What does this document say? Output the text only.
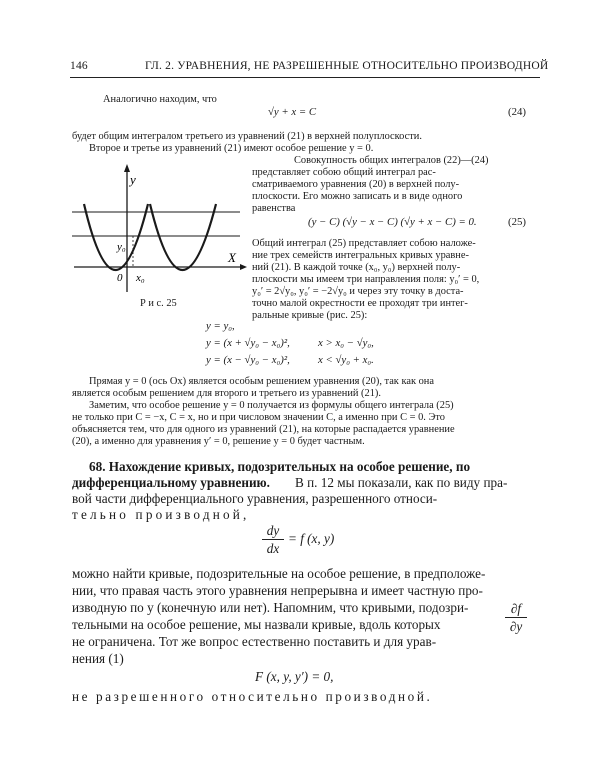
146	ГЛ. 2. УРАВНЕНИЯ, НЕ РАЗРЕШЕННЫЕ ОТНОСИТЕЛЬНО ПРОИЗВОДНОЙ
Аналогично находим, что
√y + x = C	(24)
будет общим интегралом третьего из уравнений (21) в верхней полуплоскости.
Второе и третье из уравнений (21) имеют особое решение y = 0.
y
X
y₀
x₀
0
Р и с. 25
Совокупность общих интегралов (22)—(24)
представляет собою общий интеграл рас-
сматриваемого уравнения (20) в верхней полу-
плоскости. Его можно записать и в виде одного
равенства
(y − C) (√y − x − C) (√y + x − C) = 0.	(25)
Общий интеграл (25) представляет собою наложе-
ние трех семейств интегральных кривых уравне-
ний (21). В каждой точке (x₀, y₀) верхней полу-
плоскости мы имеем три направления поля: y₀′ = 0,
y₀′ = 2√y₀, y₀′ = −2√y₀ и через эту точку в доста-
точно малой окрестности ее проходят три интег-
ральные кривые (рис. 25):
y = y₀,
y = (x + √y₀ − x₀)²,	x > x₀ − √y₀,
y = (x − √y₀ − x₀)²,	x < √y₀ + x₀.
Прямая y = 0 (ось Ox) является особым решением уравнения (20), так как она
является особым решением для второго и третьего из уравнений (21).
Заметим, что особое решение y = 0 получается из формулы общего интеграла (25)
не только при C = −x, C = x, но и при числовом значении C, а именно при C = 0. Это
объясняется тем, что для одного из уравнений (21), на которые распадается уравнение
(20), а именно для уравнения y′ = 0, решение y = 0 будет частным.
68. Нахождение кривых, подозрительных на особое решение, по
дифференциальному уравнению. В п. 12 мы показали, как по виду пра-
вой части дифференциального уравнения, разрешенного относи-
тельно производной,
dy
dx
= f (x, y)
можно найти кривые, подозрительные на особое решение, в предположе-
нии, что правая часть этого уравнения непрерывна и имеет частную про-
изводную по y (конечную или нет). Напомним, что кривыми, подозри-
тельными на особое решение, мы назвали кривые, вдоль которых
∂f
∂y
не ограничена. Тот же вопрос естественно поставить и для урав-
нения (1)
F (x, y, y′) = 0,
не разрешенного относительно производной.
